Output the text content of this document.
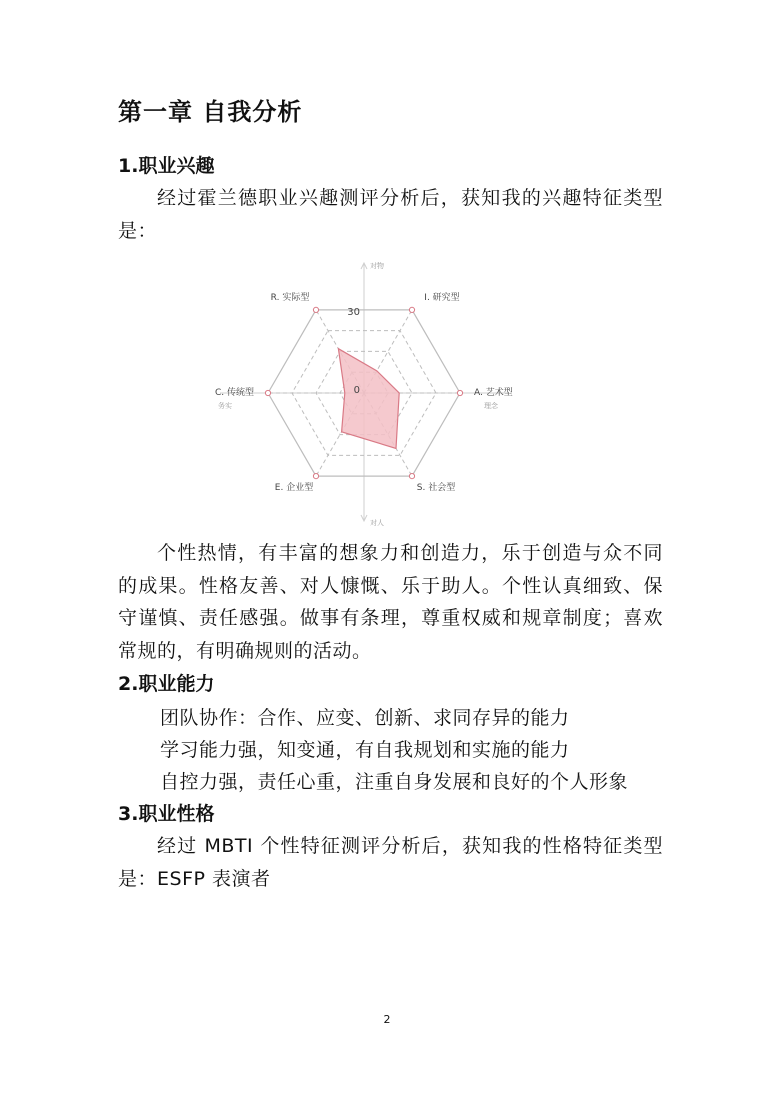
第一章 自我分析
1.职业兴趣

经过霍兰德职业兴趣测评分析后，获知我的兴趣特征类型是：

R. 实际型	I. 研究型
A. 艺术型
S. 社会型
E. 企业型
C. 传统型
30
0
对物
对人
务实	理念

个性热情，有丰富的想象力和创造力，乐于创造与众不同的成果。性格友善、对人慷慨、乐于助人。个性认真细致、保守谨慎、责任感强。做事有条理，尊重权威和规章制度；喜欢常规的，有明确规则的活动。

2.职业能力

团队协作：合作、应变、创新、求同存异的能力

学习能力强，知变通，有自我规划和实施的能力

自控力强，责任心重，注重自身发展和良好的个人形象

3.职业性格

经过 MBTI 个性特征测评分析后，获知我的性格特征类型是：ESFP 表演者

2
